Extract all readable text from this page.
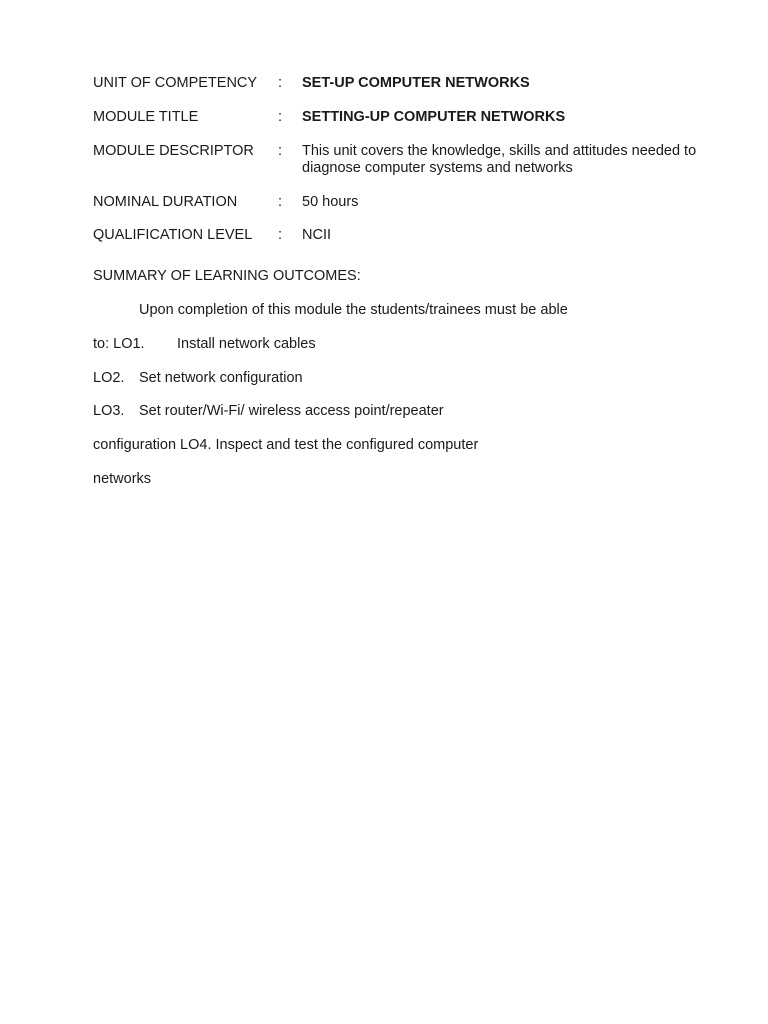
UNIT OF COMPETENCY : SET-UP COMPUTER NETWORKS
MODULE TITLE	: SETTING-UP COMPUTER NETWORKS
MODULE DESCRIPTOR : This unit covers the knowledge, skills and attitudes needed to diagnose computer systems and networks
NOMINAL DURATION	: 50 hours
QUALIFICATION LEVEL : NCII
SUMMARY OF LEARNING OUTCOMES:
Upon completion of this module the students/trainees must be able
to: LO1. Install network cables
LO2. Set network configuration
LO3. Set router/Wi-Fi/ wireless access point/repeater
configuration LO4. Inspect and test the configured computer
networks
